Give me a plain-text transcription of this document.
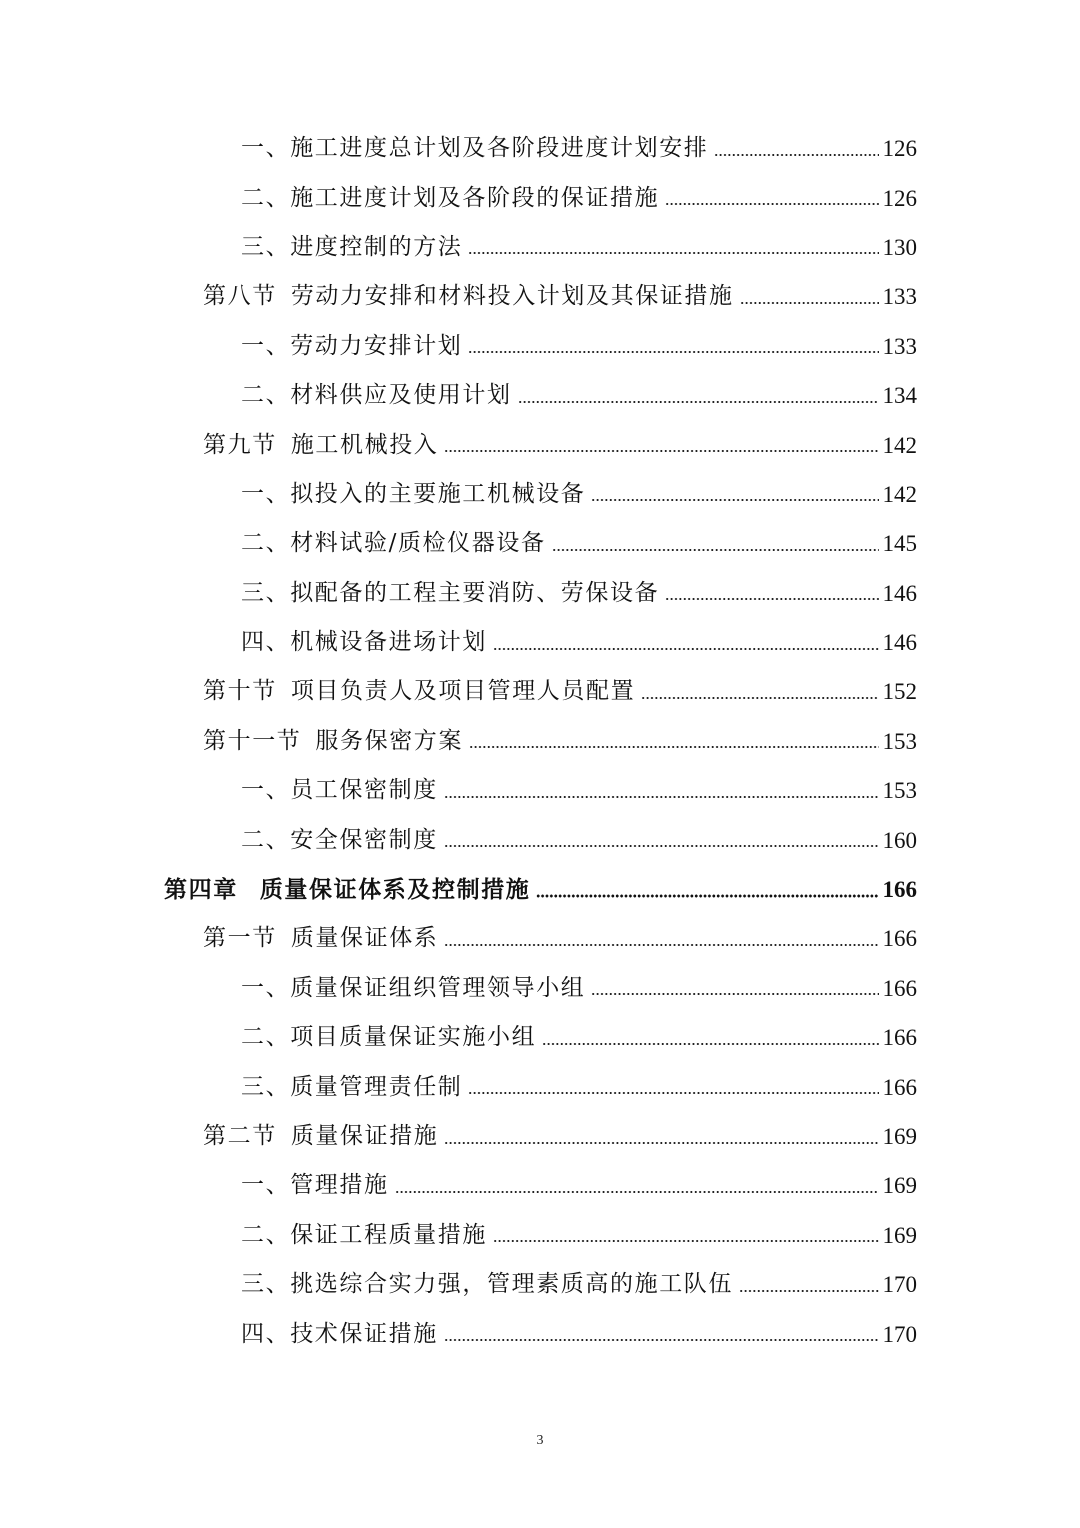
一、施工进度总计划及各阶段进度计划安排	126
二、施工进度计划及各阶段的保证措施	126
三、进度控制的方法	130
第八节 劳动力安排和材料投入计划及其保证措施	133
一、劳动力安排计划	133
二、材料供应及使用计划	134
第九节 施工机械投入	142
一、拟投入的主要施工机械设备	142
二、材料试验/质检仪器设备	145
三、拟配备的工程主要消防、劳保设备	146
四、机械设备进场计划	146
第十节 项目负责人及项目管理人员配置	152
第十一节 服务保密方案	153
一、员工保密制度	153
二、安全保密制度	160
第四章 质量保证体系及控制措施	166
第一节 质量保证体系	166
一、质量保证组织管理领导小组	166
二、项目质量保证实施小组	166
三、质量管理责任制	166
第二节 质量保证措施	169
一、管理措施	169
二、保证工程质量措施	169
三、挑选综合实力强，管理素质高的施工队伍	170
四、技术保证措施	170
3
